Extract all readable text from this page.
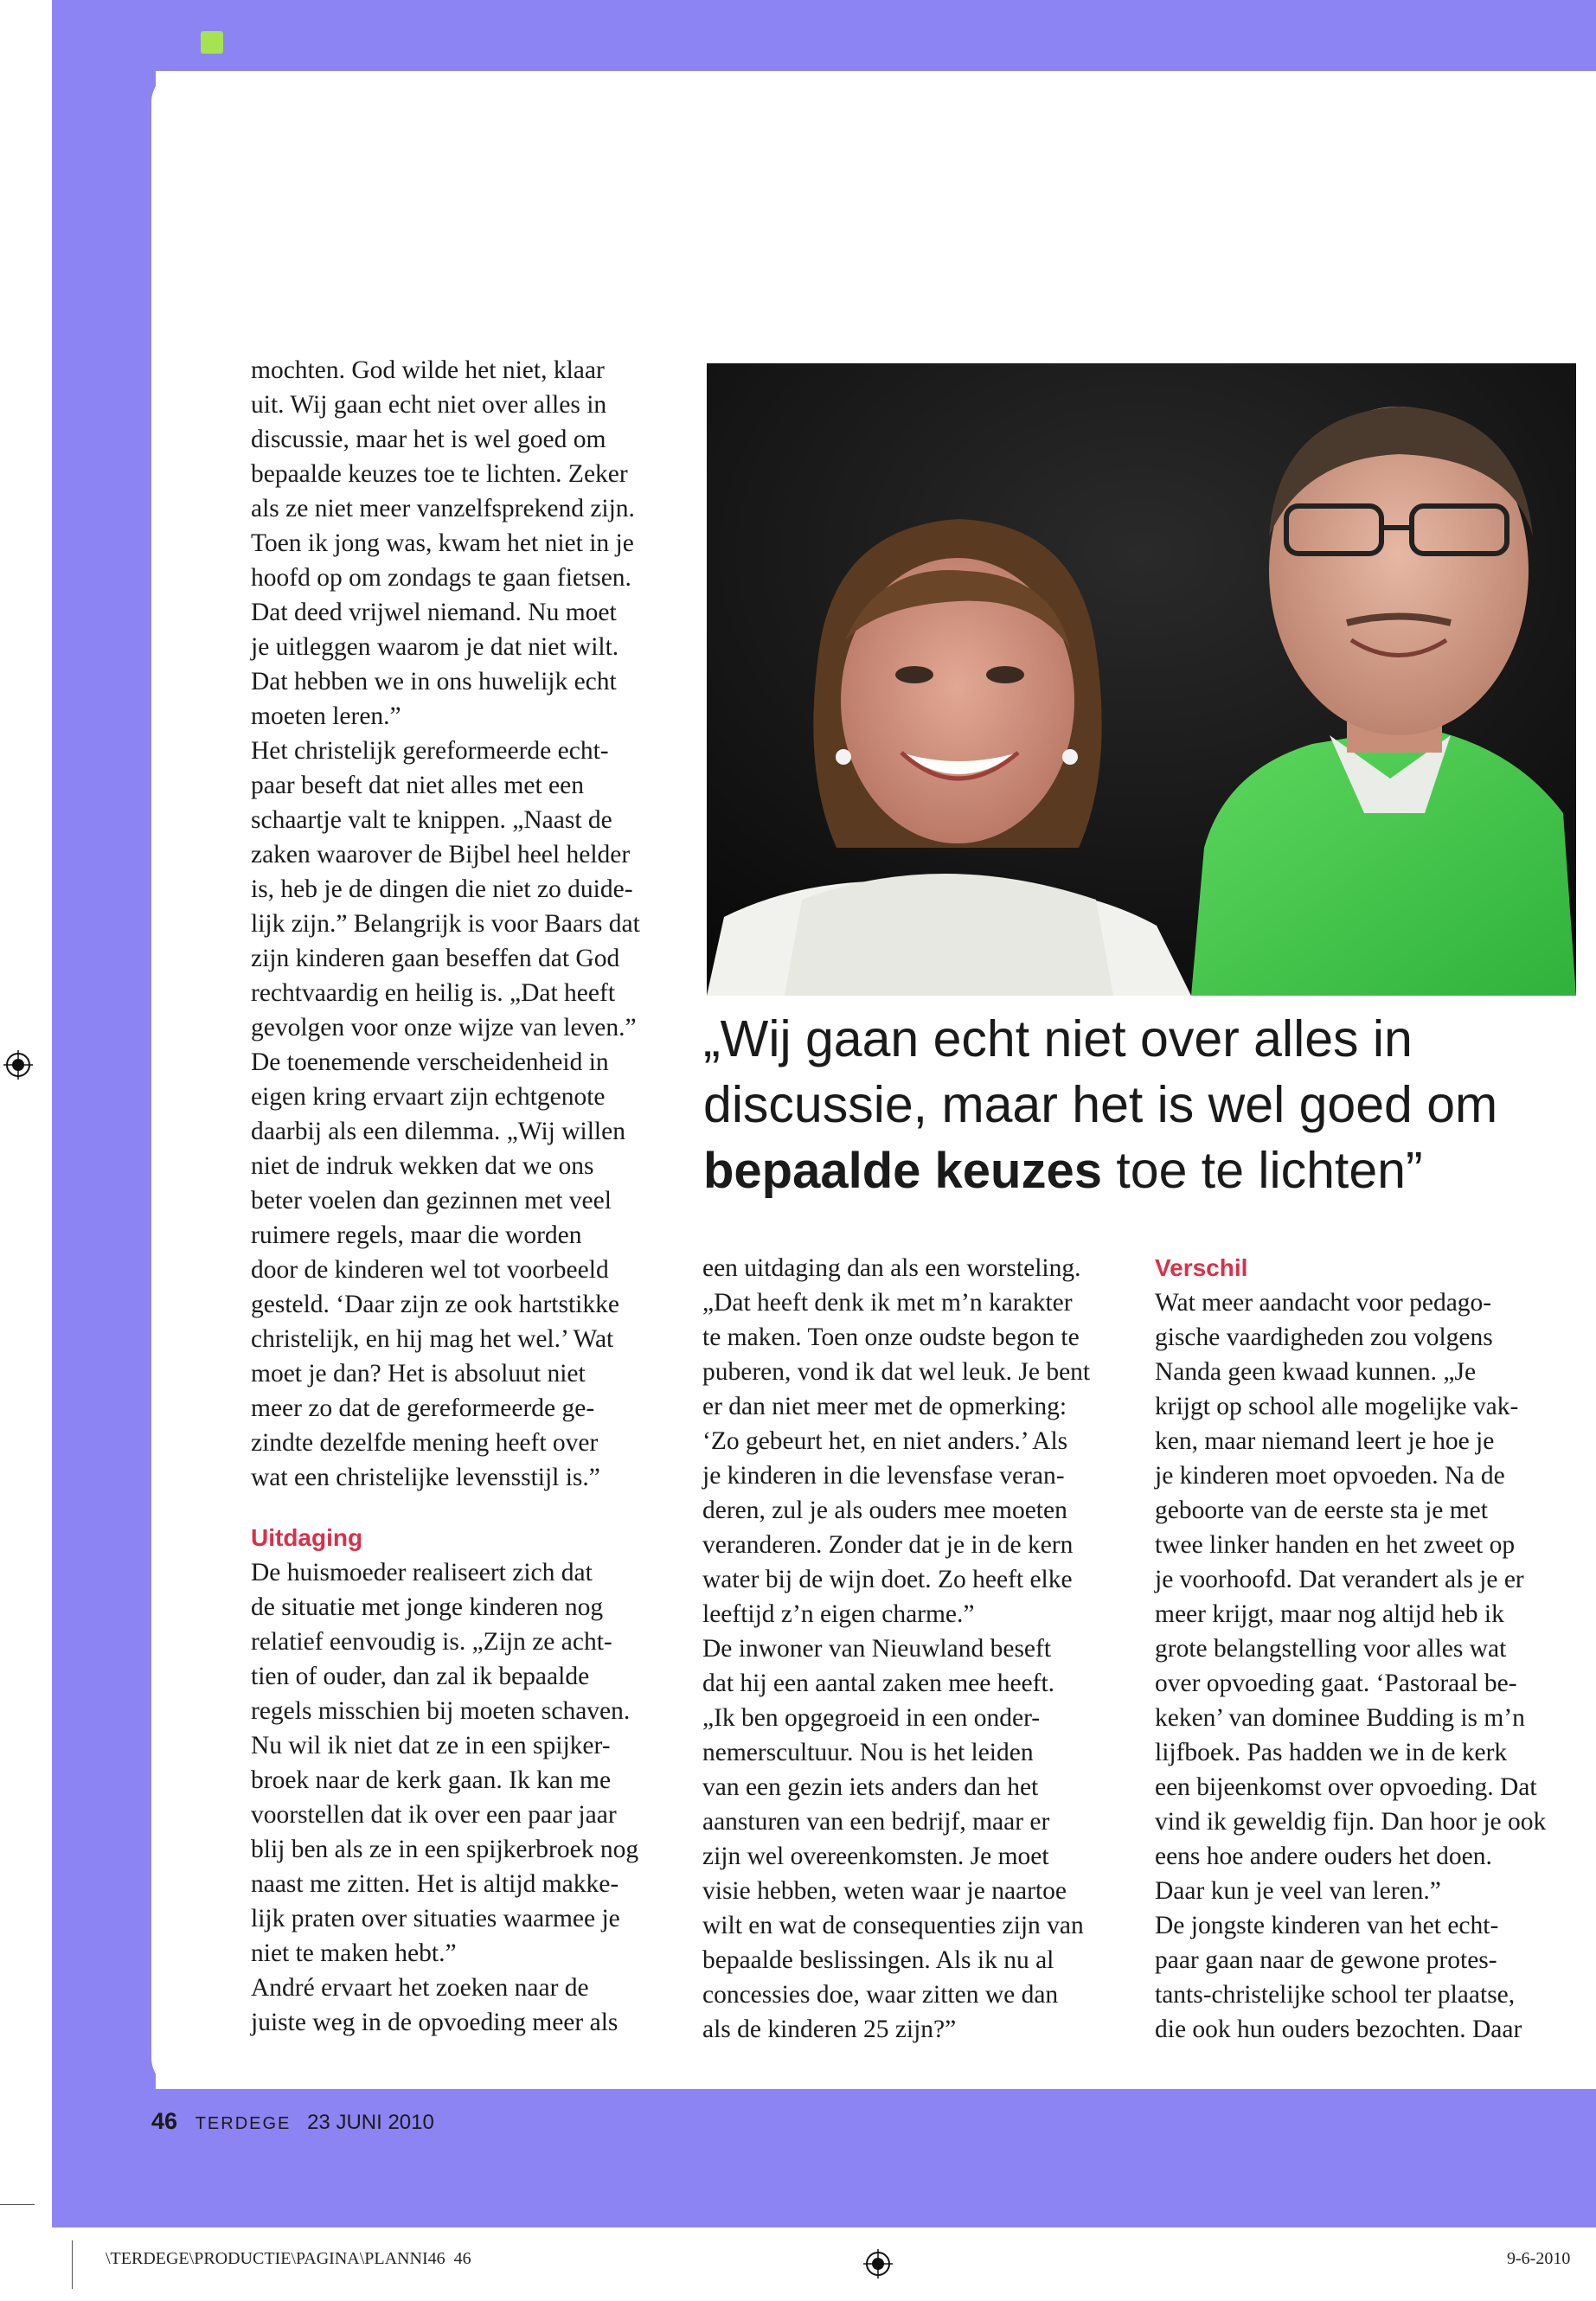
mochten. God wilde het niet, klaar
uit. Wij gaan echt niet over alles in
discussie, maar het is wel goed om
bepaalde keuzes toe te lichten. Zeker
als ze niet meer vanzelfsprekend zijn.
Toen ik jong was, kwam het niet in je
hoofd op om zondags te gaan fietsen.
Dat deed vrijwel niemand. Nu moet
je uitleggen waarom je dat niet wilt.
Dat hebben we in ons huwelijk echt
moeten leren.”
Het christelijk gereformeerde echt-
paar beseft dat niet alles met een
schaartje valt te knippen. „Naast de
zaken waarover de Bijbel heel helder
is, heb je de dingen die niet zo duide-
lijk zijn.” Belangrijk is voor Baars dat
zijn kinderen gaan beseffen dat God
rechtvaardig en heilig is. „Dat heeft
gevolgen voor onze wijze van leven.”
De toenemende verscheidenheid in
eigen kring ervaart zijn echtgenote
daarbij als een dilemma. „Wij willen
niet de indruk wekken dat we ons
beter voelen dan gezinnen met veel
ruimere regels, maar die worden
door de kinderen wel tot voorbeeld
gesteld. ‘Daar zijn ze ook hartstikke
christelijk, en hij mag het wel.’ Wat
moet je dan? Het is absoluut niet
meer zo dat de gereformeerde ge-
zindte dezelfde mening heeft over
wat een christelijke levensstijl is.”
Uitdaging
De huismoeder realiseert zich dat
de situatie met jonge kinderen nog
relatief eenvoudig is. „Zijn ze acht-
tien of ouder, dan zal ik bepaalde
regels misschien bij moeten schaven.
Nu wil ik niet dat ze in een spijker-
broek naar de kerk gaan. Ik kan me
voorstellen dat ik over een paar jaar
blij ben als ze in een spijkerbroek nog
naast me zitten. Het is altijd makke-
lijk praten over situaties waarmee je
niet te maken hebt.”
André ervaart het zoeken naar de
juiste weg in de opvoeding meer als
„Wij gaan echt niet over alles in
discussie, maar het is wel goed om
bepaalde keuzes toe te lichten”
een uitdaging dan als een worsteling.
„Dat heeft denk ik met m’n karakter
te maken. Toen onze oudste begon te
puberen, vond ik dat wel leuk. Je bent
er dan niet meer met de opmerking:
‘Zo gebeurt het, en niet anders.’ Als
je kinderen in die levensfase veran-
deren, zul je als ouders mee moeten
veranderen. Zonder dat je in de kern
water bij de wijn doet. Zo heeft elke
leeftijd z’n eigen charme.”
De inwoner van Nieuwland beseft
dat hij een aantal zaken mee heeft.
„Ik ben opgegroeid in een onder-
nemerscultuur. Nou is het leiden
van een gezin iets anders dan het
aansturen van een bedrijf, maar er
zijn wel overeenkomsten. Je moet
visie hebben, weten waar je naartoe
wilt en wat de consequenties zijn van
bepaalde beslissingen. Als ik nu al
concessies doe, waar zitten we dan
als de kinderen 25 zijn?”
Verschil
Wat meer aandacht voor pedago-
gische vaardigheden zou volgens
Nanda geen kwaad kunnen. „Je
krijgt op school alle mogelijke vak-
ken, maar niemand leert je hoe je
je kinderen moet opvoeden. Na de
geboorte van de eerste sta je met
twee linker handen en het zweet op
je voorhoofd. Dat verandert als je er
meer krijgt, maar nog altijd heb ik
grote belangstelling voor alles wat
over opvoeding gaat. ‘Pastoraal be-
keken’ van dominee Budding is m’n
lijfboek. Pas hadden we in de kerk
een bijeenkomst over opvoeding. Dat
vind ik geweldig fijn. Dan hoor je ook
eens hoe andere ouders het doen.
Daar kun je veel van leren.”
De jongste kinderen van het echt-
paar gaan naar de gewone protes-
tants-christelijke school ter plaatse,
die ook hun ouders bezochten. Daar
46 TERDEGE 23 JUNI 2010
\TERDEGE\PRODUCTIE\PAGINA\PLANNI46 46	9-6-2010
